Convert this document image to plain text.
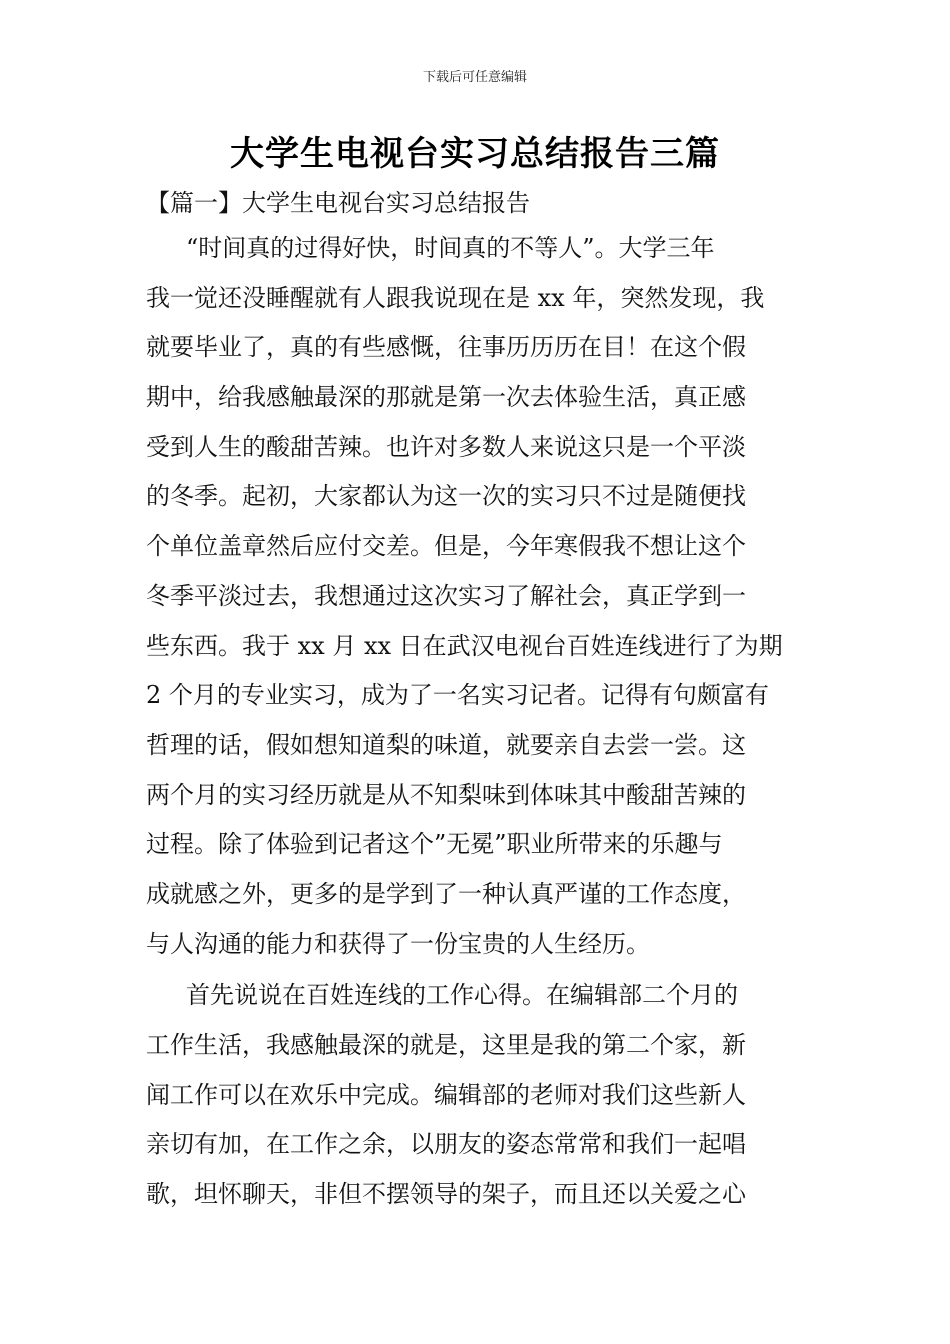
下载后可任意编辑
大学生电视台实习总结报告三篇
【篇一】大学生电视台实习总结报告
“时间真的过得好快，时间真的不等人”。大学三年
我一觉还没睡醒就有人跟我说现在是 xx 年，突然发现，我
就要毕业了，真的有些感慨，往事历历历在目！在这个假
期中，给我感触最深的那就是第一次去体验生活，真正感
受到人生的酸甜苦辣。也许对多数人来说这只是一个平淡
的冬季。起初，大家都认为这一次的实习只不过是随便找
个单位盖章然后应付交差。但是，今年寒假我不想让这个
冬季平淡过去，我想通过这次实习了解社会，真正学到一
些东西。我于 xx 月 xx 日在武汉电视台百姓连线进行了为期
2 个月的专业实习，成为了一名实习记者。记得有句颇富有
哲理的话，假如想知道梨的味道，就要亲自去尝一尝。这
两个月的实习经历就是从不知梨味到体味其中酸甜苦辣的
过程。除了体验到记者这个”无冕”职业所带来的乐趣与
成就感之外，更多的是学到了一种认真严谨的工作态度，
与人沟通的能力和获得了一份宝贵的人生经历。
首先说说在百姓连线的工作心得。在编辑部二个月的
工作生活，我感触最深的就是，这里是我的第二个家，新
闻工作可以在欢乐中完成。编辑部的老师对我们这些新人
亲切有加，在工作之余，以朋友的姿态常常和我们一起唱
歌，坦怀聊天，非但不摆领导的架子，而且还以关爱之心
